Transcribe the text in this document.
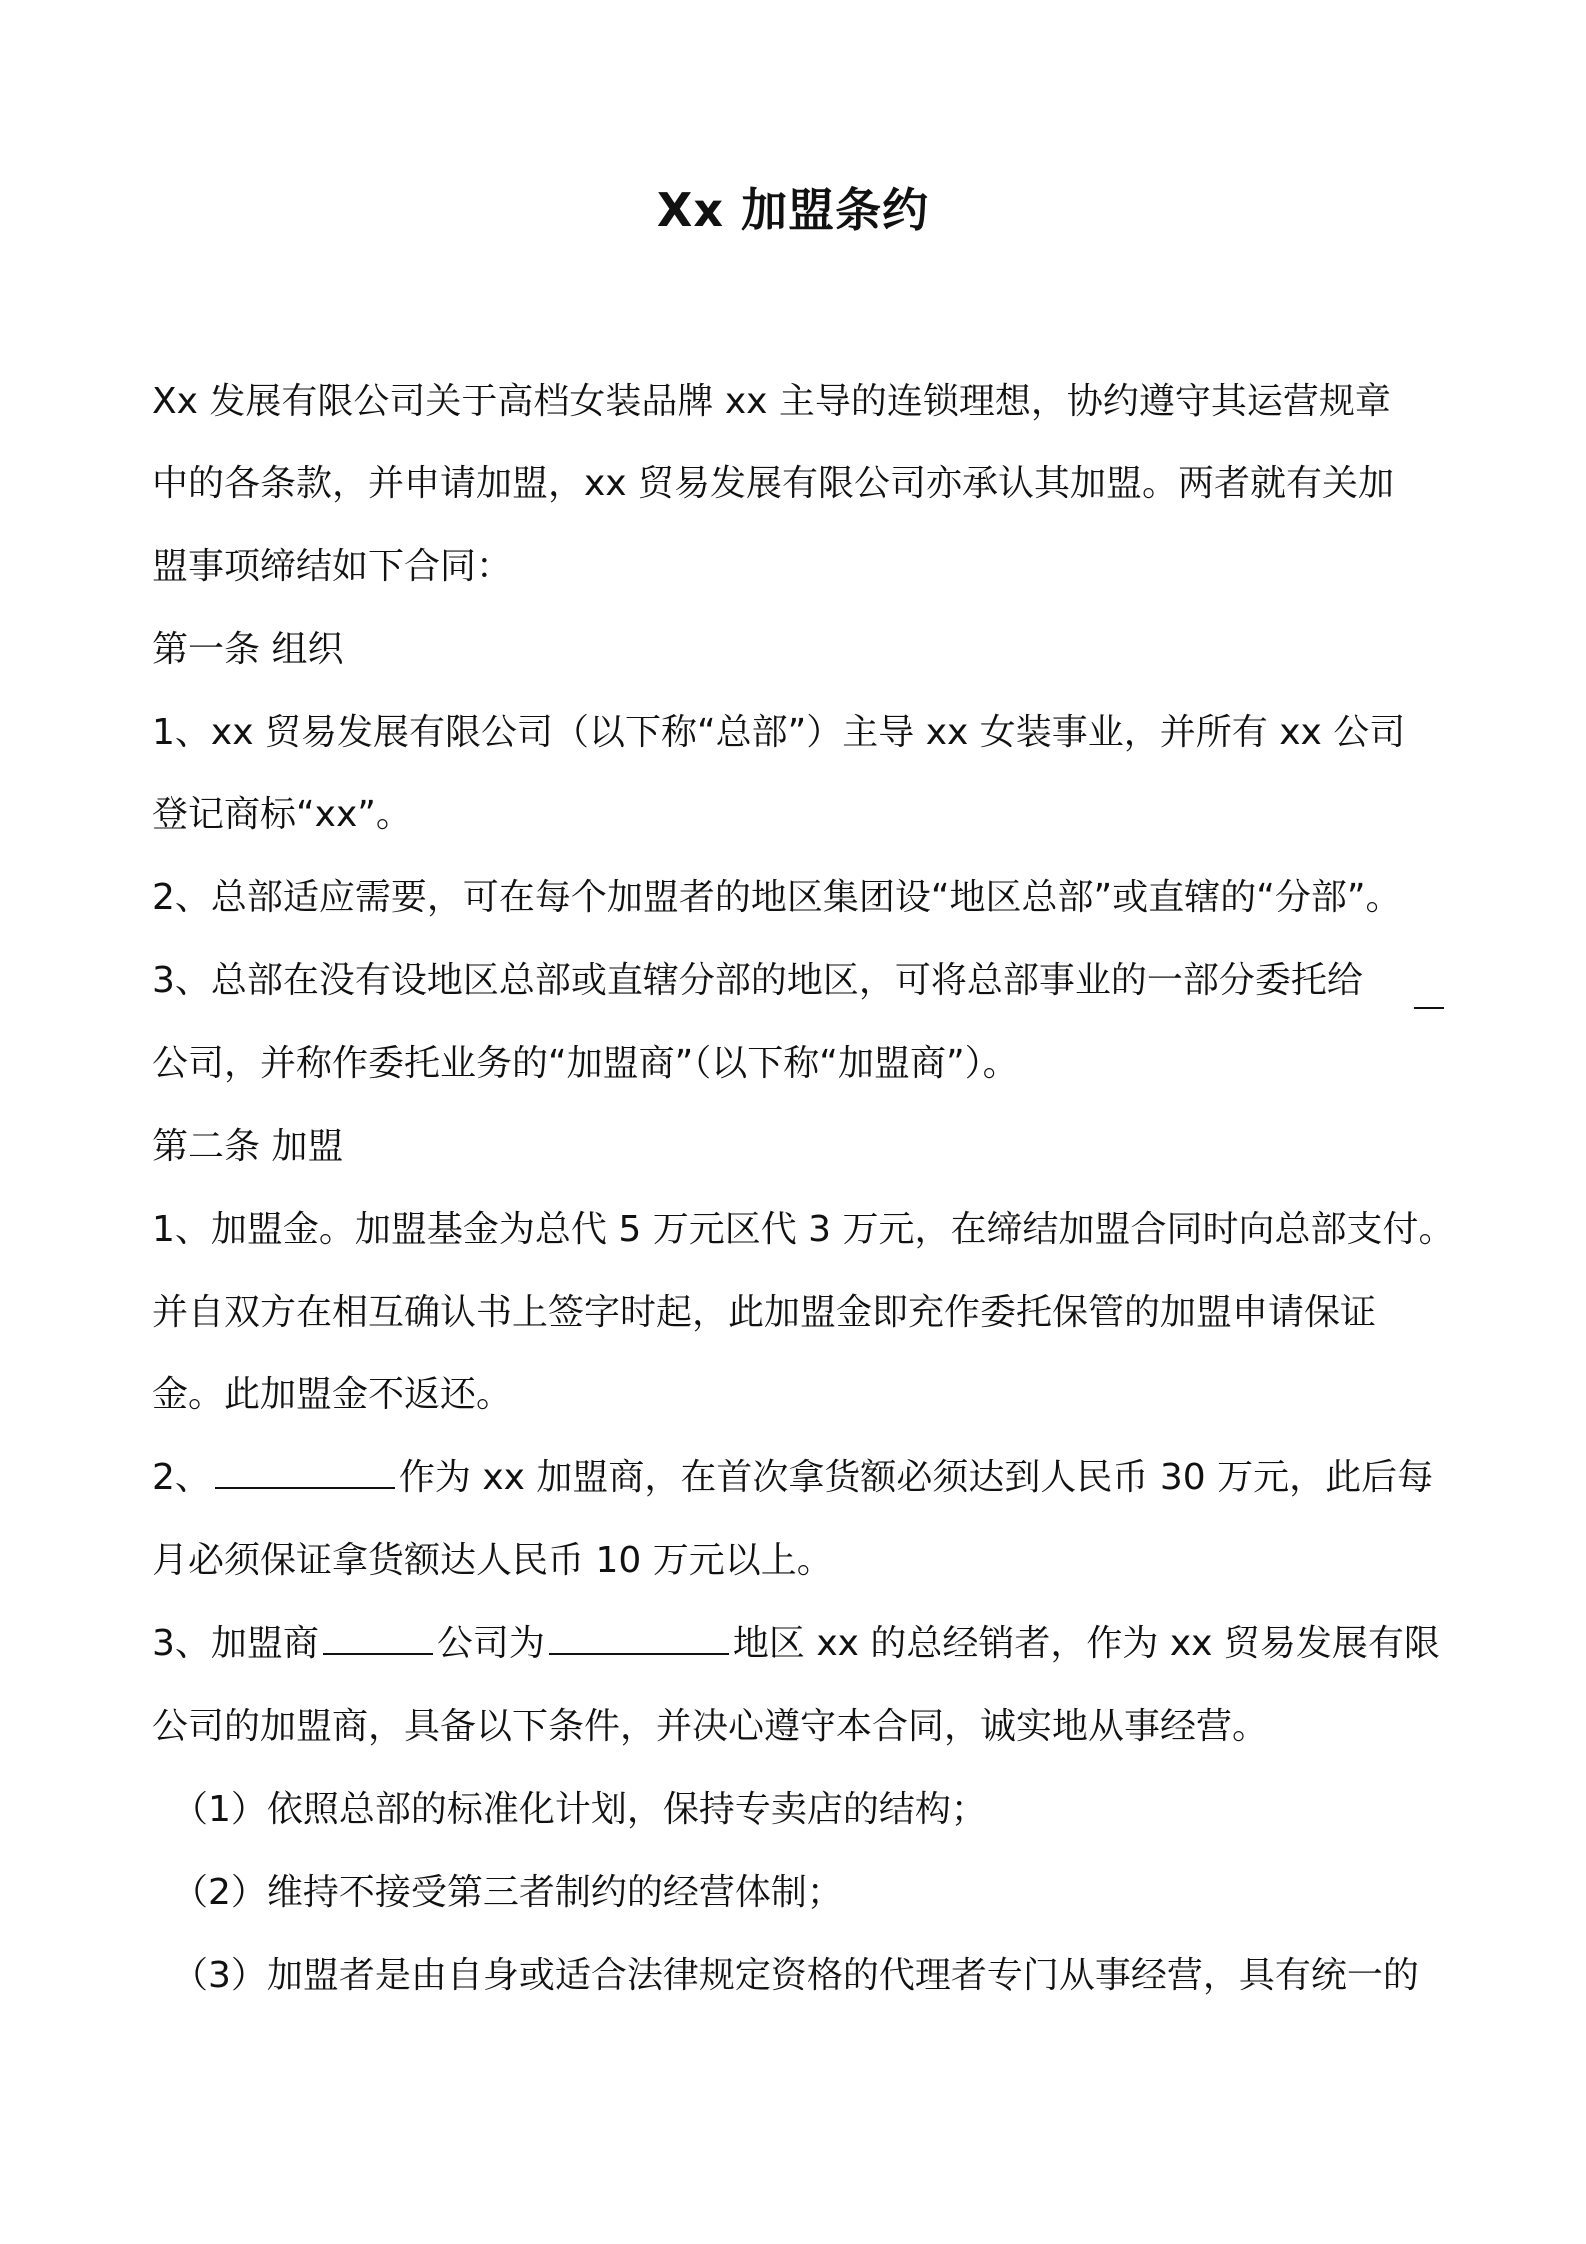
Xx 加盟条约
Xx 发展有限公司关于高档女装品牌 xx 主导的连锁理想，协约遵守其运营规章
中的各条款，并申请加盟，xx 贸易发展有限公司亦承认其加盟。两者就有关加
盟事项缔结如下合同：
第一条 组织
1、xx 贸易发展有限公司（以下称“总部”）主导 xx 女装事业，并所有 xx 公司
登记商标“xx”。
2、总部适应需要，可在每个加盟者的地区集团设“地区总部”或直辖的“分部”。
3、总部在没有设地区总部或直辖分部的地区，可将总部事业的一部分委托给
公司，并称作委托业务的“加盟商”（以下称“加盟商”）。
第二条 加盟
1、加盟金。加盟基金为总代 5 万元区代 3 万元，在缔结加盟合同时向总部支付。
并自双方在相互确认书上签字时起，此加盟金即充作委托保管的加盟申请保证
金。此加盟金不返还。
2、	作为 xx 加盟商，在首次拿货额必须达到人民币 30 万元，此后每
月必须保证拿货额达人民币 10 万元以上。
3、加盟商	公司为	地区 xx 的总经销者，作为 xx 贸易发展有限
公司的加盟商，具备以下条件，并决心遵守本合同，诚实地从事经营。
（1）依照总部的标准化计划，保持专卖店的结构；
（2）维持不接受第三者制约的经营体制；
（3）加盟者是由自身或适合法律规定资格的代理者专门从事经营，具有统一的
